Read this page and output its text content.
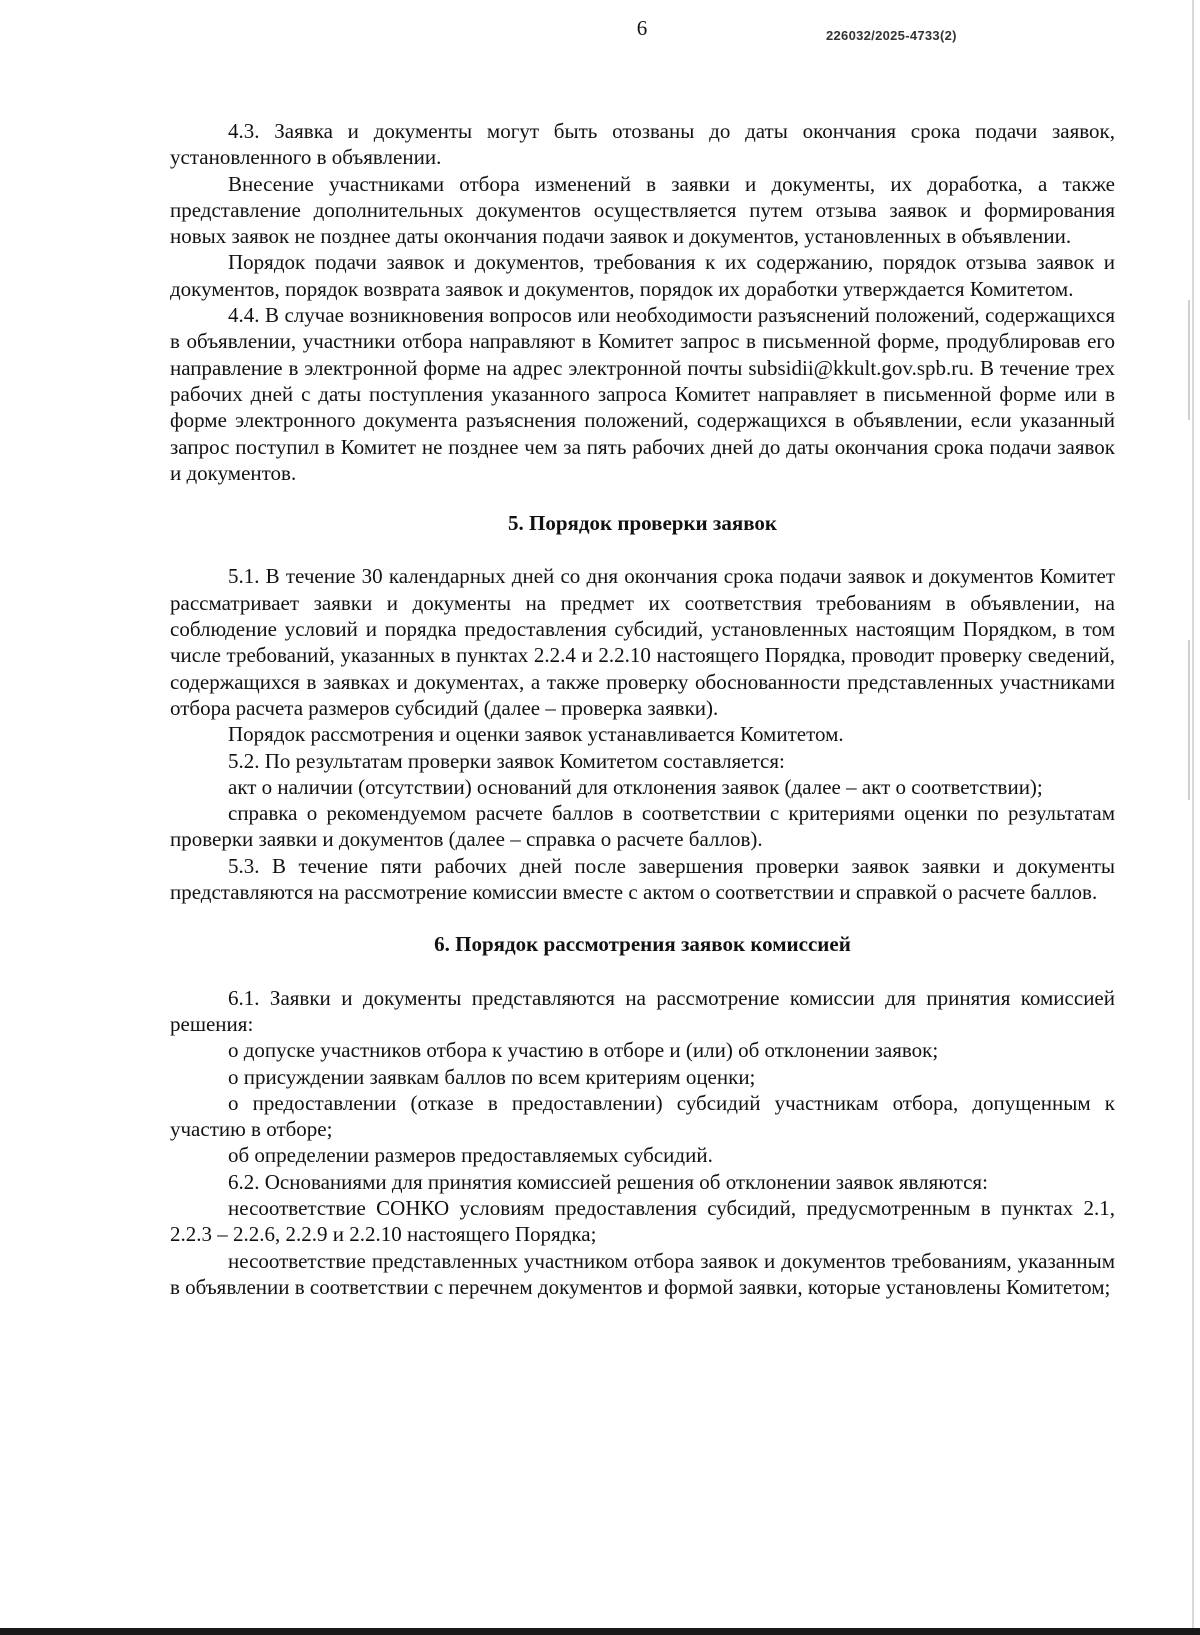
6	226032/2025-4733(2)

4.3. Заявка и документы могут быть отозваны до даты окончания срока подачи заявок, установленного в объявлении.

Внесение участниками отбора изменений в заявки и документы, их доработка, а также представление дополнительных документов осуществляется путем отзыва заявок и формирования новых заявок не позднее даты окончания подачи заявок и документов, установленных в объявлении.

Порядок подачи заявок и документов, требования к их содержанию, порядок отзыва заявок и документов, порядок возврата заявок и документов, порядок их доработки утверждается Комитетом.

4.4. В случае возникновения вопросов или необходимости разъяснений положений, содержащихся в объявлении, участники отбора направляют в Комитет запрос в письменной форме, продублировав его направление в электронной форме на адрес электронной почты subsidii@kkult.gov.spb.ru. В течение трех рабочих дней с даты поступления указанного запроса Комитет направляет в письменной форме или в форме электронного документа разъяснения положений, содержащихся в объявлении, если указанный запрос поступил в Комитет не позднее чем за пять рабочих дней до даты окончания срока подачи заявок и документов.

5. Порядок проверки заявок

5.1. В течение 30 календарных дней со дня окончания срока подачи заявок и документов Комитет рассматривает заявки и документы на предмет их соответствия требованиям в объявлении, на соблюдение условий и порядка предоставления субсидий, установленных настоящим Порядком, в том числе требований, указанных в пунктах 2.2.4 и 2.2.10 настоящего Порядка, проводит проверку сведений, содержащихся в заявках и документах, а также проверку обоснованности представленных участниками отбора расчета размеров субсидий (далее – проверка заявки).

Порядок рассмотрения и оценки заявок устанавливается Комитетом.

5.2. По результатам проверки заявок Комитетом составляется:

акт о наличии (отсутствии) оснований для отклонения заявок (далее – акт о соответствии);

справка о рекомендуемом расчете баллов в соответствии с критериями оценки по результатам проверки заявки и документов (далее – справка о расчете баллов).

5.3. В течение пяти рабочих дней после завершения проверки заявок заявки и документы представляются на рассмотрение комиссии вместе с актом о соответствии и справкой о расчете баллов.

6. Порядок рассмотрения заявок комиссией

6.1. Заявки и документы представляются на рассмотрение комиссии для принятия комиссией решения:

о допуске участников отбора к участию в отборе и (или) об отклонении заявок;

о присуждении заявкам баллов по всем критериям оценки;

о предоставлении (отказе в предоставлении) субсидий участникам отбора, допущенным к участию в отборе;

об определении размеров предоставляемых субсидий.

6.2. Основаниями для принятия комиссией решения об отклонении заявок являются:

несоответствие СОНКО условиям предоставления субсидий, предусмотренным в пунктах 2.1, 2.2.3 – 2.2.6, 2.2.9 и 2.2.10 настоящего Порядка;

несоответствие представленных участником отбора заявок и документов требованиям, указанным в объявлении в соответствии с перечнем документов и формой заявки, которые установлены Комитетом;
